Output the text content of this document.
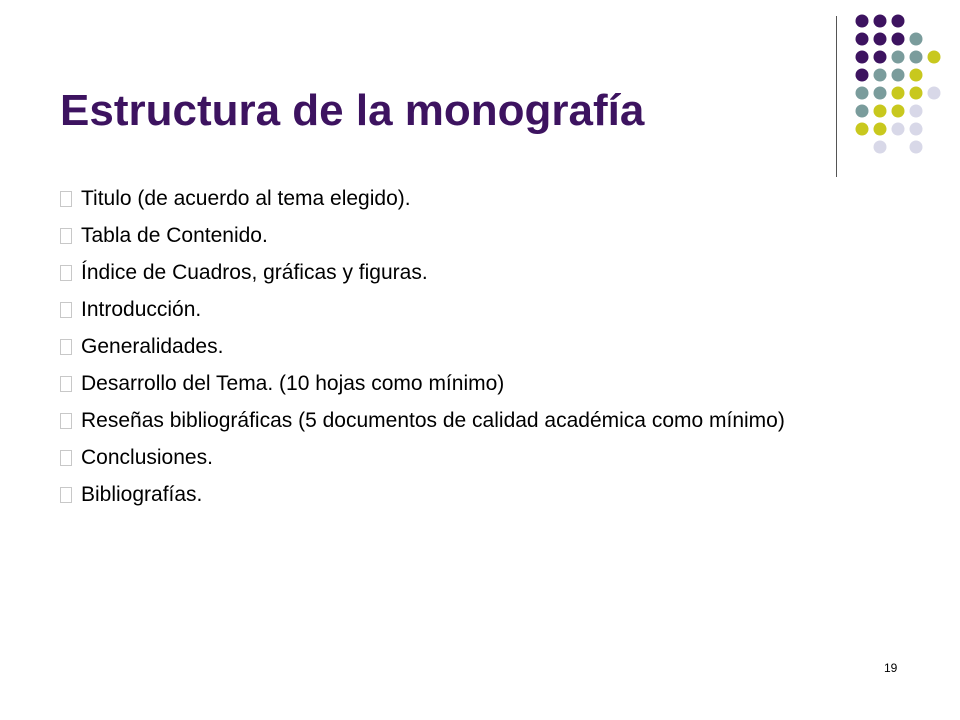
Estructura de la monografía
Titulo (de acuerdo al tema elegido).
Tabla de Contenido.
Índice de Cuadros, gráficas y figuras.
Introducción.
Generalidades.
Desarrollo del Tema. (10 hojas como mínimo)
Reseñas bibliográficas (5 documentos de calidad académica como mínimo)
Conclusiones.
Bibliografías.
19
